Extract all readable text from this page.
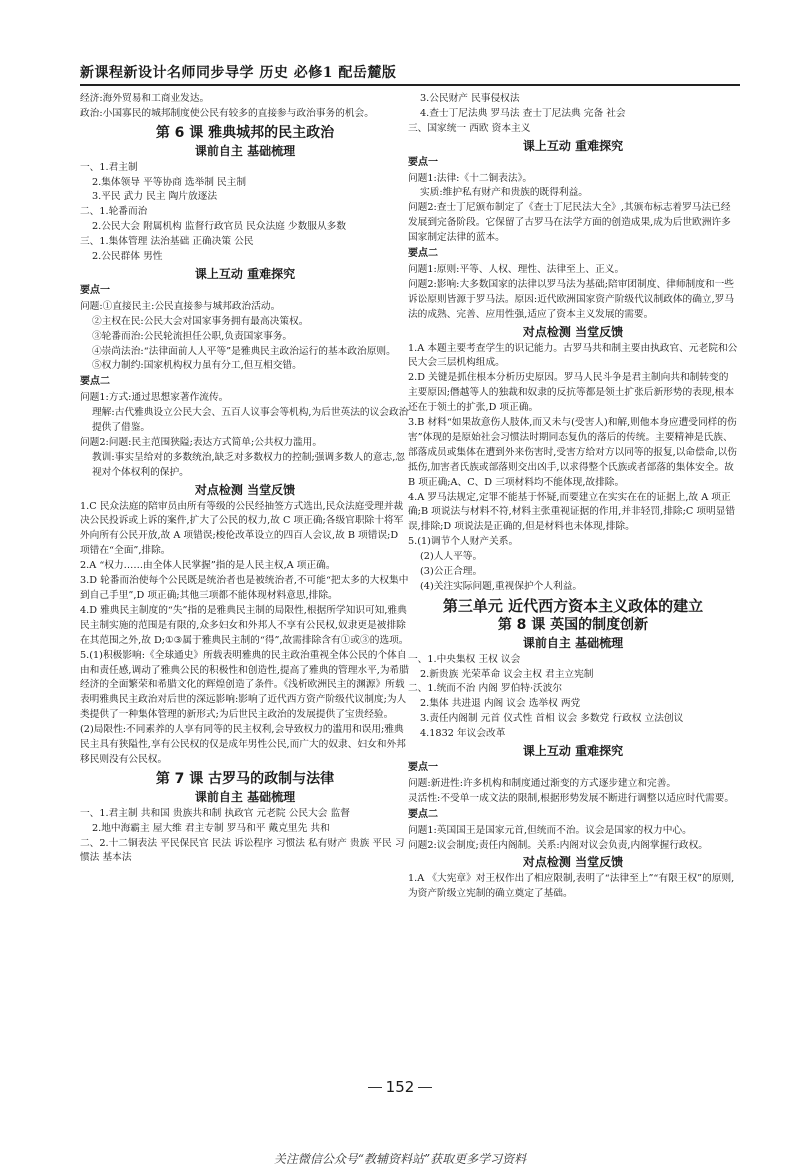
新课程新设计名师同步导学 历史 必修1 配岳麓版

经济:海外贸易和工商业发达。

政治:小国寡民的城邦制度使公民有较多的直接参与政治事务的机会。

第 6 课 雅典城邦的民主政治
课前自主 基础梳理

一、1.君主制

2.集体领导 平等协商 选举制 民主制

3.平民 武力 民主 陶片放逐法

二、1.轮番而治

2.公民大会 附属机构 监督行政官员 民众法庭 少数服从多数

三、1.集体管理 法治基础 正确决策 公民

2.公民群体 男性

课上互动 重难探究
要点一

问题:①直接民主:公民直接参与城邦政治活动。

②主权在民:公民大会对国家事务拥有最高决策权。

③轮番而治:公民轮流担任公职,负责国家事务。

④崇尚法治:“法律面前人人平等”是雅典民主政治运行的基本政治原则。

⑤权力制约:国家机构权力虽有分工,但互相交错。

要点二

问题1:方式:通过思想家著作流传。

理解:古代雅典设立公民大会、五百人议事会等机构,为后世英法的议会政治提供了借鉴。

问题2:问题:民主范围狭隘;表达方式简单;公共权力滥用。

教训:事实呈给对的多数统治,缺乏对多数权力的控制;强调多数人的意志,忽视对个体权利的保护。

对点检测 当堂反馈

1.C 民众法庭的陪审员由所有等级的公民经抽签方式选出,民众法庭受理并裁决公民投诉或上诉的案件,扩大了公民的权力,故 C 项正确;各级官职除十将军外向所有公民开放,故 A 项错误;梭伦改革设立的四百人会议,故 B 项错误;D 项错在“全面”,排除。

2.A “权力……由全体人民掌握”指的是人民主权,A 项正确。

3.D 轮番而治使每个公民既是统治者也是被统治者,不可能“把太多的大权集中到自己手里”,D 项正确;其他三项都不能体现材料意思,排除。

4.D 雅典民主制度的“失”指的是雅典民主制的局限性,根据所学知识可知,雅典民主制实施的范围是有限的,众多妇女和外邦人不享有公民权,奴隶更是被排除在其范围之外,故 D;①③属于雅典民主制的“得”,故需排除含有①或③的选项。

5.(1)积极影响:《全球通史》所载表明雅典的民主政治重视全体公民的个体自由和责任感,调动了雅典公民的积极性和创造性,提高了雅典的管理水平,为希腊经济的全面繁荣和希腊文化的辉煌创造了条件。《浅析欧洲民主的渊源》所载表明雅典民主政治对后世的深远影响:影响了近代西方资产阶级代议制度;为人类提供了一种集体管理的新形式;为后世民主政治的发展提供了宝贵经验。

(2)局限性:不同素养的人享有同等的民主权利,会导致权力的滥用和误用;雅典民主具有狭隘性,享有公民权的仅是成年男性公民,而广大的奴隶、妇女和外邦移民则没有公民权。

第 7 课 古罗马的政制与法律
课前自主 基础梳理

一、1.君主制 共和国 贵族共和制 执政官 元老院 公民大会 监督

2.地中海霸主 屋大维 君主专制 罗马和平 戴克里先 共和

二、2.十二铜表法 平民保民官 民法 诉讼程序 习惯法 私有财产 贵族 平民 习惯法 基本法

3.公民财产 民事侵权法

4.查士丁尼法典 罗马法 查士丁尼法典 完备 社会

三、国家统一 西欧 资本主义

课上互动 重难探究
要点一

问题1:法律:《十二铜表法》。

实质:维护私有财产和贵族的既得利益。

问题2:查士丁尼颁布制定了《查士丁尼民法大全》,其颁布标志着罗马法已经发展到完备阶段。它保留了古罗马在法学方面的创造成果,成为后世欧洲许多国家制定法律的蓝本。

要点二

问题1:原则:平等、人权、理性、法律至上、正义。

问题2:影响:大多数国家的法律以罗马法为基础;陪审团制度、律师制度和一些诉讼原则皆源于罗马法。原因:近代欧洲国家资产阶级代议制政体的确立,罗马法的成熟、完善、应用性强,适应了资本主义发展的需要。

对点检测 当堂反馈

1.A 本题主要考查学生的识记能力。古罗马共和制主要由执政官、元老院和公民大会三层机构组成。

2.D 关键是抓住根本分析历史原因。罗马人民斗争是君主制向共和制转变的主要原因;僭越等人的独裁和奴隶的反抗等都是领土扩张后新形势的表现,根本还在于领土的扩张,D 项正确。

3.B 材料“如果故意伤人肢体,而又未与(受害人)和解,则他本身应遭受同样的伤害”体现的是原始社会习惯法时期同态复仇的落后的传统。主要精神是氏族、部落成员或集体在遭到外来伤害时,受害方给对方以同等的报复,以命偿命,以伤抵伤,加害者氏族或部落则交出凶手,以求得整个氏族或者部落的集体安全。故 B 项正确;A、C、D 三项材料均不能体现,故排除。

4.A 罗马法规定,定罪不能基于怀疑,而要建立在实实在在的证据上,故 A 项正确;B 项说法与材料不符,材料主张重视证据的作用,并非轻罚,排除;C 项明显错误,排除;D 项说法是正确的,但是材料也未体现,排除。

5.(1)调节个人财产关系。

(2)人人平等。

(3)公正合理。

(4)关注实际问题,重视保护个人利益。

第三单元 近代西方资本主义政体的建立
第 8 课 英国的制度创新
课前自主 基础梳理

一、1.中央集权 王权 议会

2.新贵族 光荣革命 议会主权 君主立宪制

二、1.统而不治 内阁 罗伯特·沃波尔

2.集体 共进退 内阁 议会 选举权 两党

3.责任内阁制 元首 仪式性 首相 议会 多数党 行政权 立法创议

4.1832 年议会改革

课上互动 重难探究
要点一

问题:新进性:许多机构和制度通过渐变的方式逐步建立和完善。

灵活性:不受单一成文法的限制,根据形势发展不断进行调整以适应时代需要。

要点二

问题1:英国国王是国家元首,但统而不治。议会是国家的权力中心。

问题2:议会制度;责任内阁制。关系:内阁对议会负责,内阁掌握行政权。

对点检测 当堂反馈

1.A 《大宪章》对王权作出了相应限制,表明了“法律至上”“有限王权”的原则,为资产阶级立宪制的确立奠定了基础。

152
关注微信公众号“教辅资料站”获取更多学习资料
